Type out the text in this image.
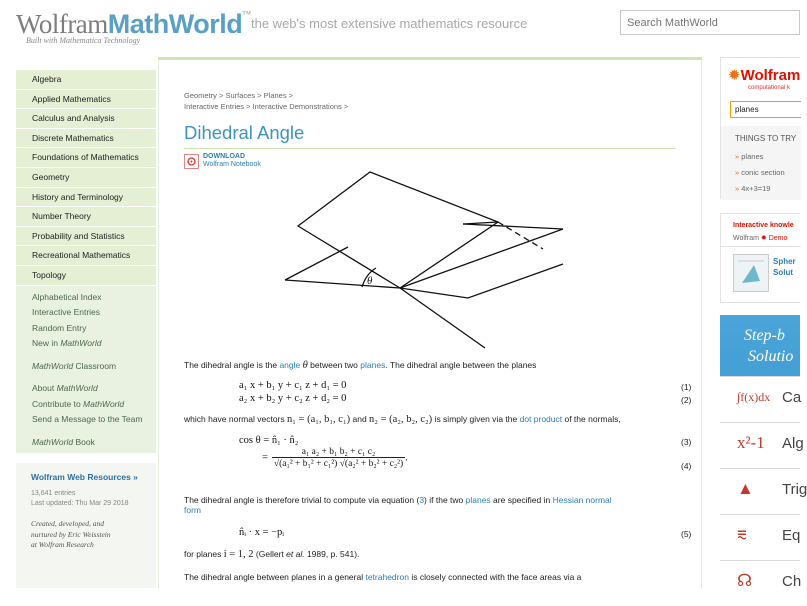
WolframMathWorld™
Built with Mathematica Technology
the web's most extensive mathematics resource
Search MathWorld
Algebra
Applied Mathematics
Calculus and Analysis
Discrete Mathematics
Foundations of Mathematics
Geometry
History and Terminology
Number Theory
Probability and Statistics
Recreational Mathematics
Topology
Alphabetical Index
Interactive Entries
Random Entry
New in MathWorld
MathWorld Classroom
About MathWorld
Contribute to MathWorld
Send a Message to the Team
MathWorld Book
Wolfram Web Resources »
13,641 entries
Last updated: Thu Mar 29 2018
Created, developed, and
nurtured by Eric Weisstein
at Wolfram Research
Geometry > Surfaces > Planes >
Interactive Entries > Interactive Demonstrations >
Dihedral Angle
DOWNLOAD
Wolfram Notebook
θ
The dihedral angle is the angle θ between two planes. The dihedral angle between the planes
a₁ x + b₁ y + c₁ z + d₁ = 0	(1)
a₂ x + b₂ y + c₂ z + d₂ = 0	(2)
which have normal vectors n₁ = (a₁, b₁, c₁) and n₂ = (a₂, b₂, c₂) is simply given via the dot product of the normals,
cos θ = n̂₁ · n̂₂	(3)
= $\frac{\text{a₁ a₂ + b₁ b₂ + c₁ c₂}}{\text{√(a₁² + b₁² + c₁²) √(a₂² + b₂² + c₂²)}}$ .
(4)
The dihedral angle is therefore trivial to compute via equation (3) if the two planes are specified in Hessian normal
form
n̂ᵢ · x = −pᵢ	(5)
for planes i = 1, 2 (Gellert et al. 1989, p. 541).
The dihedral angle between planes in a general tetrahedron is closely connected with the face areas via a
✹Wolfram
computational k
planes
THINGS TO TRY
» planes
» conic section
» 4x+3=19
Interactive knowle
Wolfram ✹ Demo
Spher
Solut
Step-b
Solutio
∫f(x)dx Ca
x²-1 Alg
▲ Trig
⩳ Eq
☊ Ch
